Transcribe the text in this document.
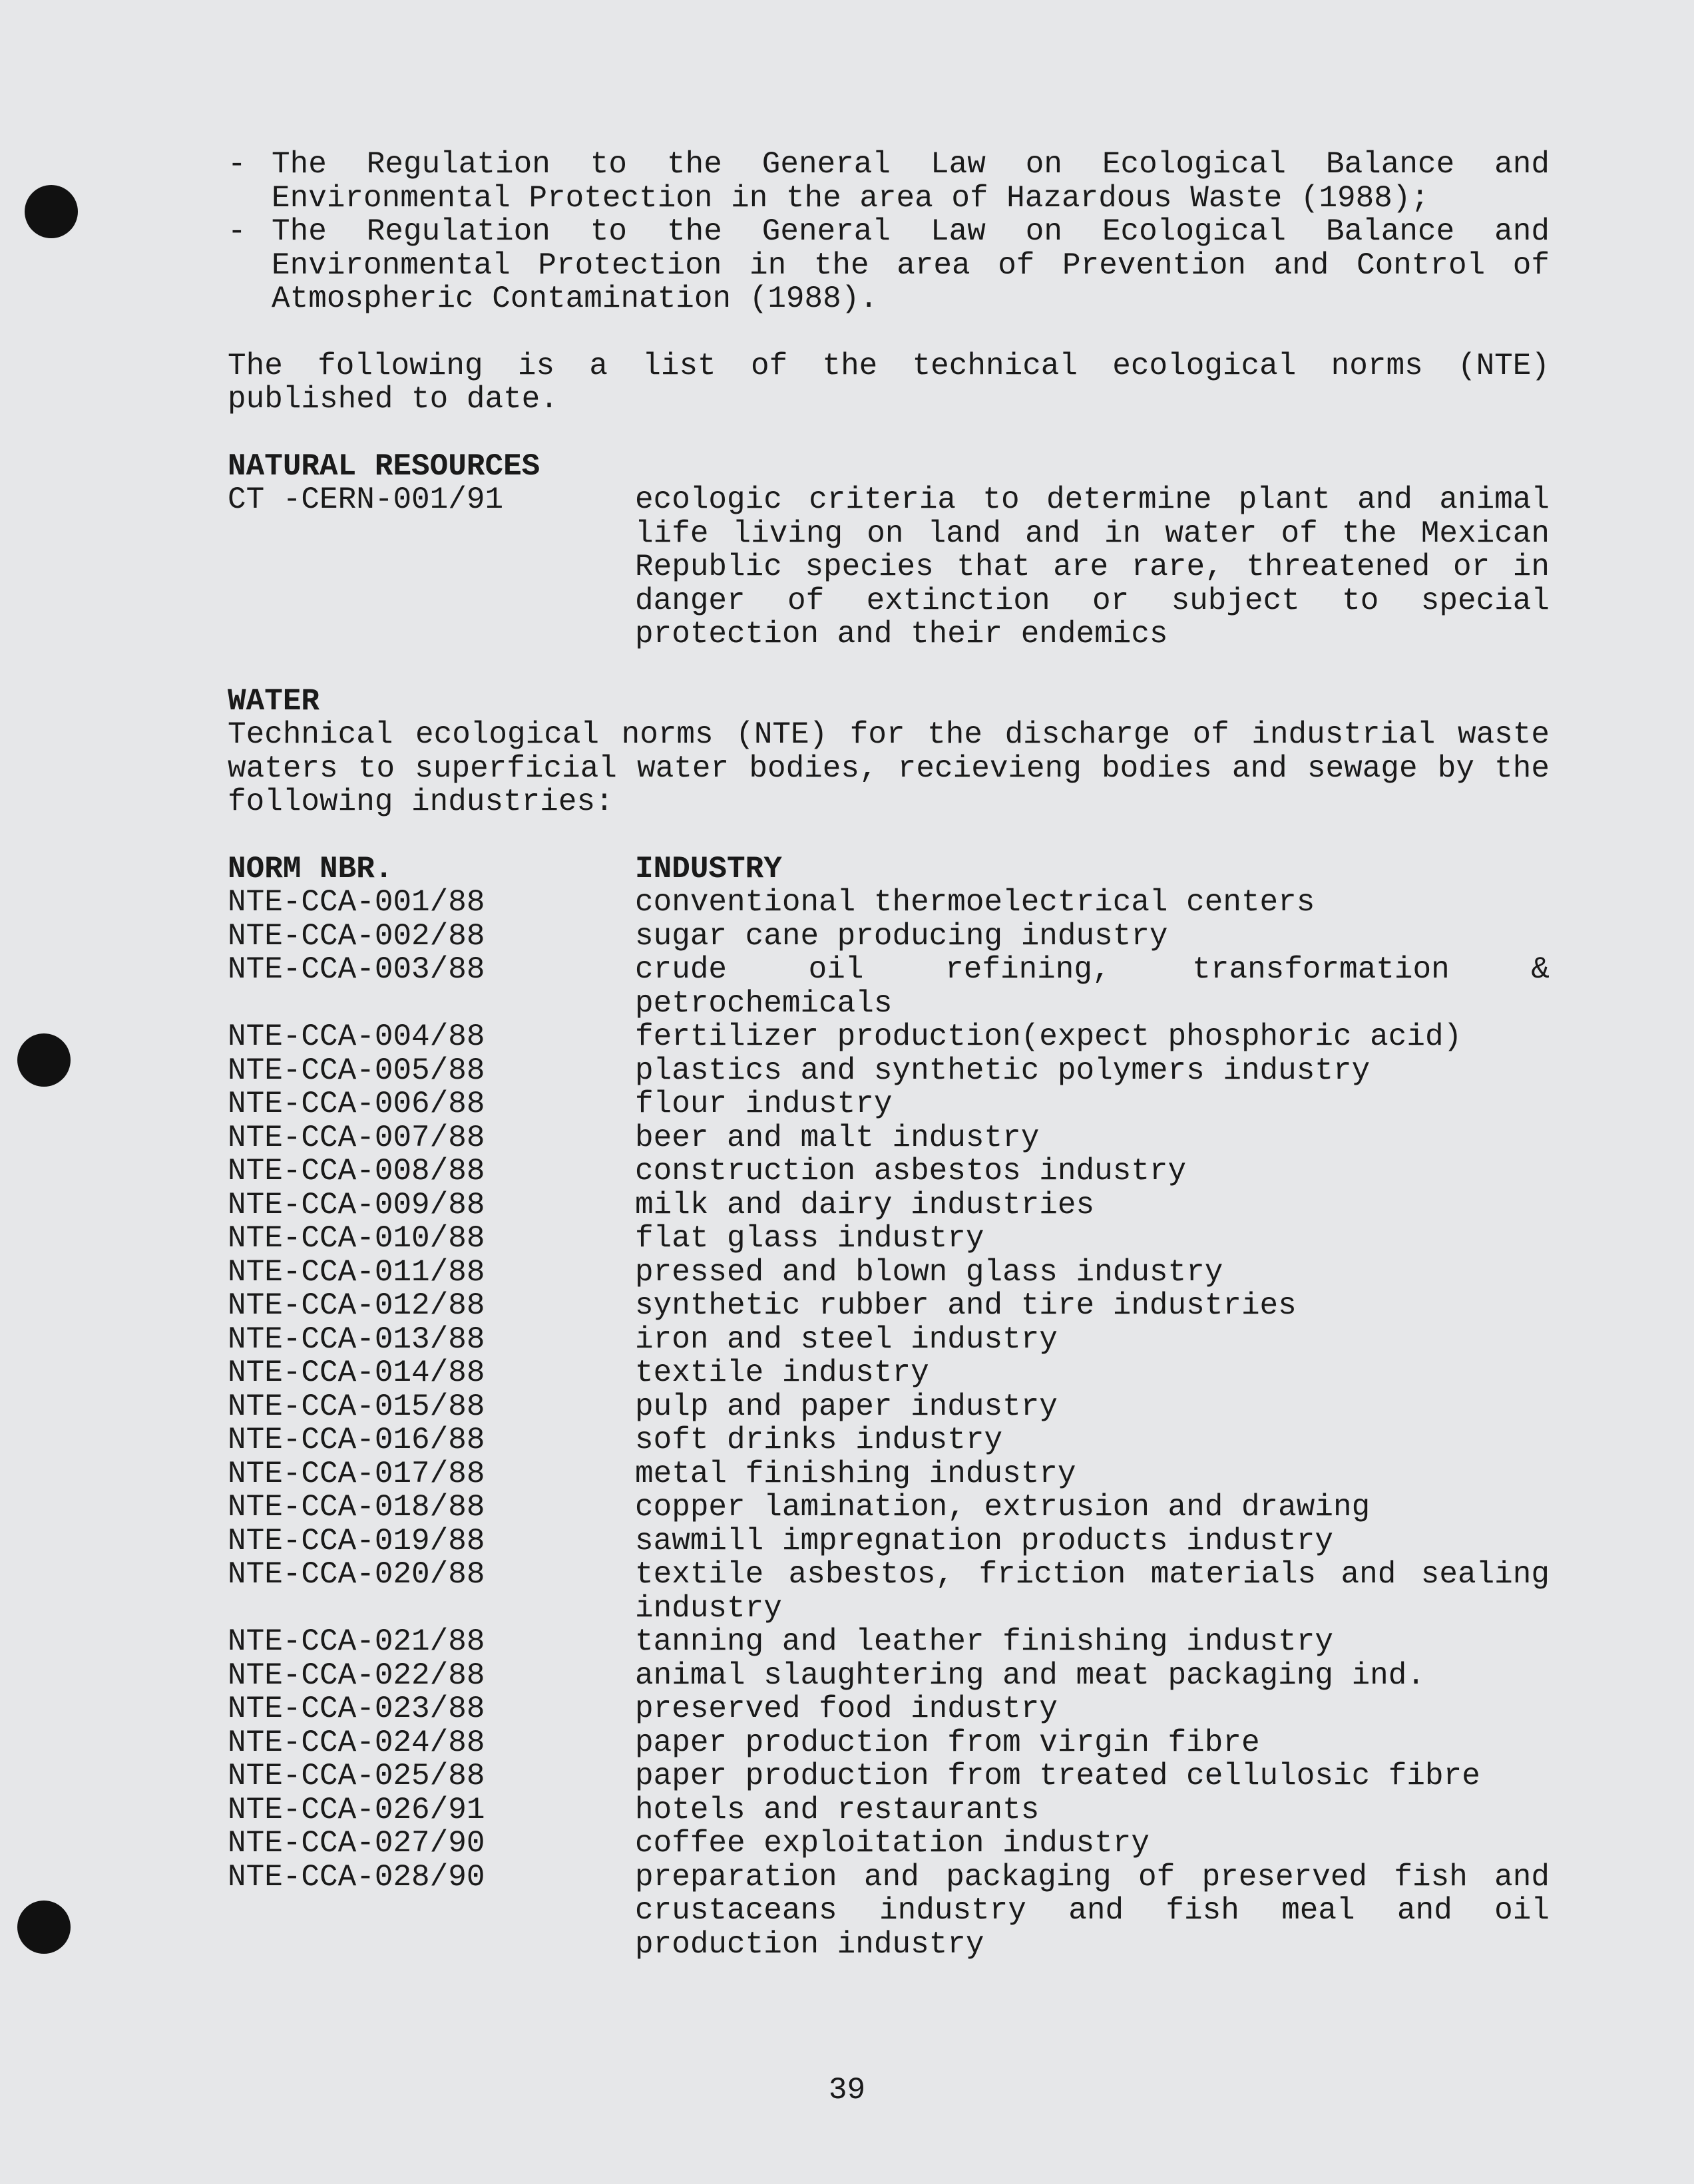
- The Regulation to the General Law on Ecological Balance and Environmental Protection in the area of Hazardous Waste (1988);
- The Regulation to the General Law on Ecological Balance and Environmental Protection in the area of Prevention and Control of Atmospheric Contamination (1988).
The following is a list of the technical ecological norms (NTE) published to date.
NATURAL RESOURCES
CT -CERN-001/91	ecologic criteria to determine plant and animal life living on land and in water of the Mexican Republic species that are rare, threatened or in danger of extinction or subject to special protection and their endemics
WATER
Technical ecological norms (NTE) for the discharge of industrial waste waters to superficial water bodies, recievieng bodies and sewage by the following industries:
NORM NBR.	INDUSTRY
NTE-CCA-001/88	conventional thermoelectrical centers
NTE-CCA-002/88	sugar cane producing industry
NTE-CCA-003/88	crude oil refining, transformation & petrochemicals
NTE-CCA-004/88	fertilizer production(expect phosphoric acid)
NTE-CCA-005/88	plastics and synthetic polymers industry
NTE-CCA-006/88	flour industry
NTE-CCA-007/88	beer and malt industry
NTE-CCA-008/88	construction asbestos industry
NTE-CCA-009/88	milk and dairy industries
NTE-CCA-010/88	flat glass industry
NTE-CCA-011/88	pressed and blown glass industry
NTE-CCA-012/88	synthetic rubber and tire industries
NTE-CCA-013/88	iron and steel industry
NTE-CCA-014/88	textile industry
NTE-CCA-015/88	pulp and paper industry
NTE-CCA-016/88	soft drinks industry
NTE-CCA-017/88	metal finishing industry
NTE-CCA-018/88	copper lamination, extrusion and drawing
NTE-CCA-019/88	sawmill impregnation products industry
NTE-CCA-020/88	textile asbestos, friction materials and sealing industry
NTE-CCA-021/88	tanning and leather finishing industry
NTE-CCA-022/88	animal slaughtering and meat packaging ind.
NTE-CCA-023/88	preserved food industry
NTE-CCA-024/88	paper production from virgin fibre
NTE-CCA-025/88	paper production from treated cellulosic fibre
NTE-CCA-026/91	hotels and restaurants
NTE-CCA-027/90	coffee exploitation industry
NTE-CCA-028/90	preparation and packaging of preserved fish and crustaceans industry and fish meal and oil production industry
39
